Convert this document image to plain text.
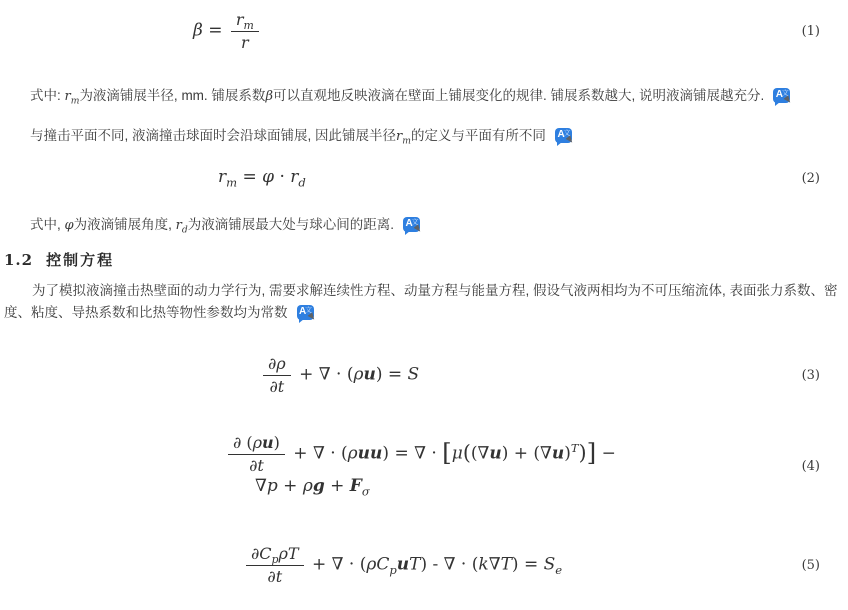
$\beta = \frac{r_m}{r}$	(1)
式中: $r_m$为液滴铺展半径, mm. 铺展系数β可以直观地反映液滴在壁面上铺展变化的规律. 铺展系数越大, 说明液滴铺展越充分. A
文
与撞击平面不同, 液滴撞击球面时会沿球面铺展, 因此铺展半径$r_m$的定义与平面有所不同 A
文
$r_m = \varphi \cdot r_d$	(2)
式中, φ为液滴铺展角度, $r_d$为液滴铺展最大处与球心间的距离. A
文
1.2 控制方程
为了模拟液滴撞击热壁面的动力学行为, 需要求解连续性方程、动量方程与能量方程, 假设气液两相均为不可压缩流体, 表面张力系数、密
度、粘度、导热系数和比热等物性参数均为常数 A
文
$\frac{\partial\rho}{\partial t}$ + ∇ · (ρu) = S	(3)
$\frac{\partial (\rho u)}{\partial t}$ + ∇ · (ρuu) = ∇ · $[\mu((\nabla u) + (\nabla u)^T)]$ −
$\nabla p + \rho g + F_\sigma$
(4)
$\frac{\partial C_p\rho T}{\partial t}$ + ∇ · $(\rho C_puT)$ - ∇ · $(k\nabla T) = S_e$	(5)
